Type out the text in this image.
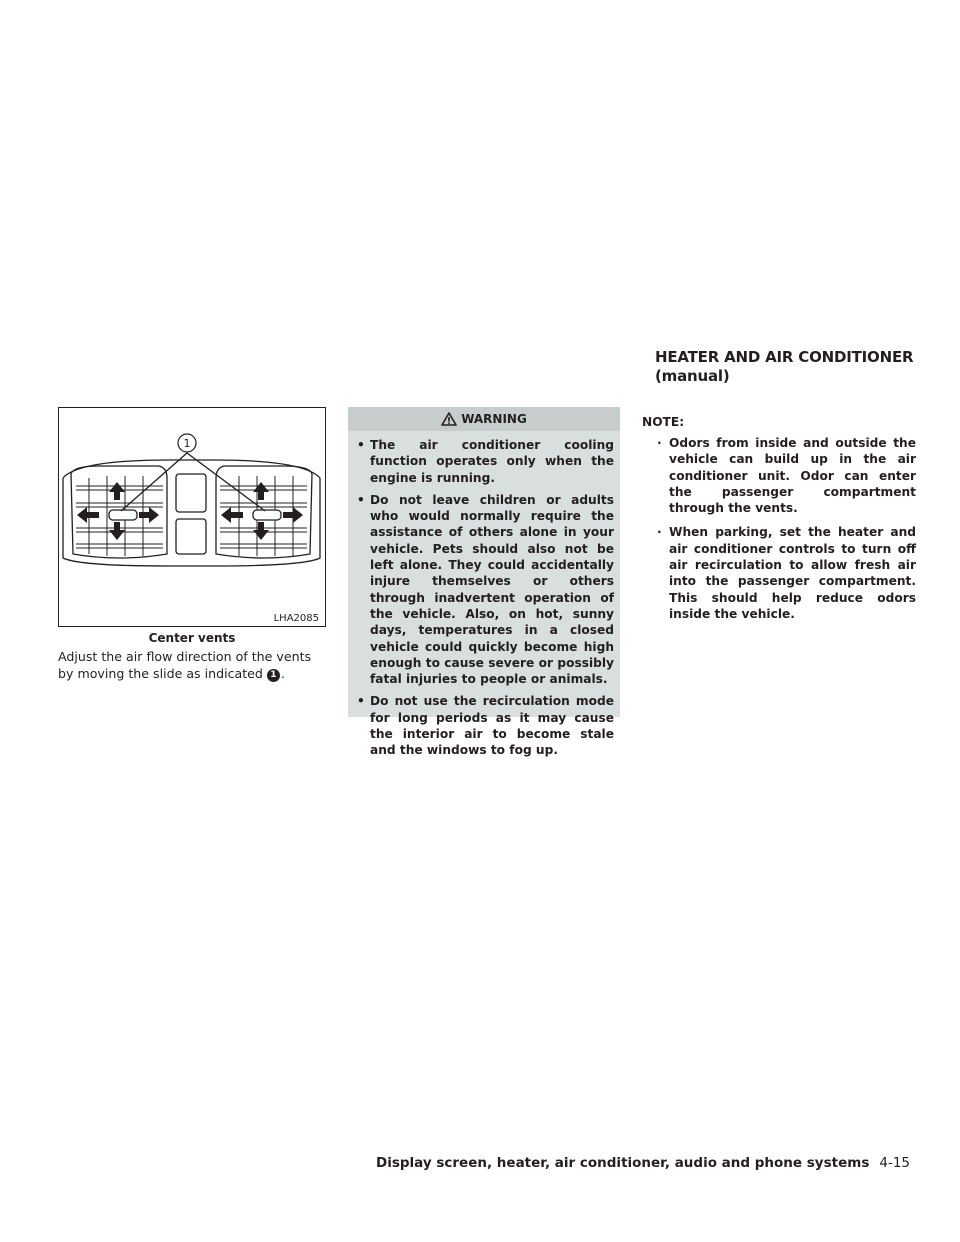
HEATER AND AIR CONDITIONER
(manual)
1
LHA2085
Center vents
Adjust the air flow direction of the vents by moving the slide as indicated 1 .
WARNING
• The air conditioner cooling function operates only when the engine is running.
• Do not leave children or adults who would normally require the assistance of others alone in your vehicle. Pets should also not be left alone. They could accidentally injure themselves or others through inadvertent operation of the vehicle. Also, on hot, sunny days, temperatures in a closed vehicle could quickly become high enough to cause severe or possibly fatal injuries to people or animals.
• Do not use the recirculation mode for long periods as it may cause the interior air to become stale and the windows to fog up.
NOTE:
· Odors from inside and outside the vehicle can build up in the air conditioner unit. Odor can enter the passenger compartment through the vents.
· When parking, set the heater and air conditioner controls to turn off air recirculation to allow fresh air into the passenger compartment. This should help reduce odors inside the vehicle.
Display screen, heater, air conditioner, audio and phone systems 4-15
